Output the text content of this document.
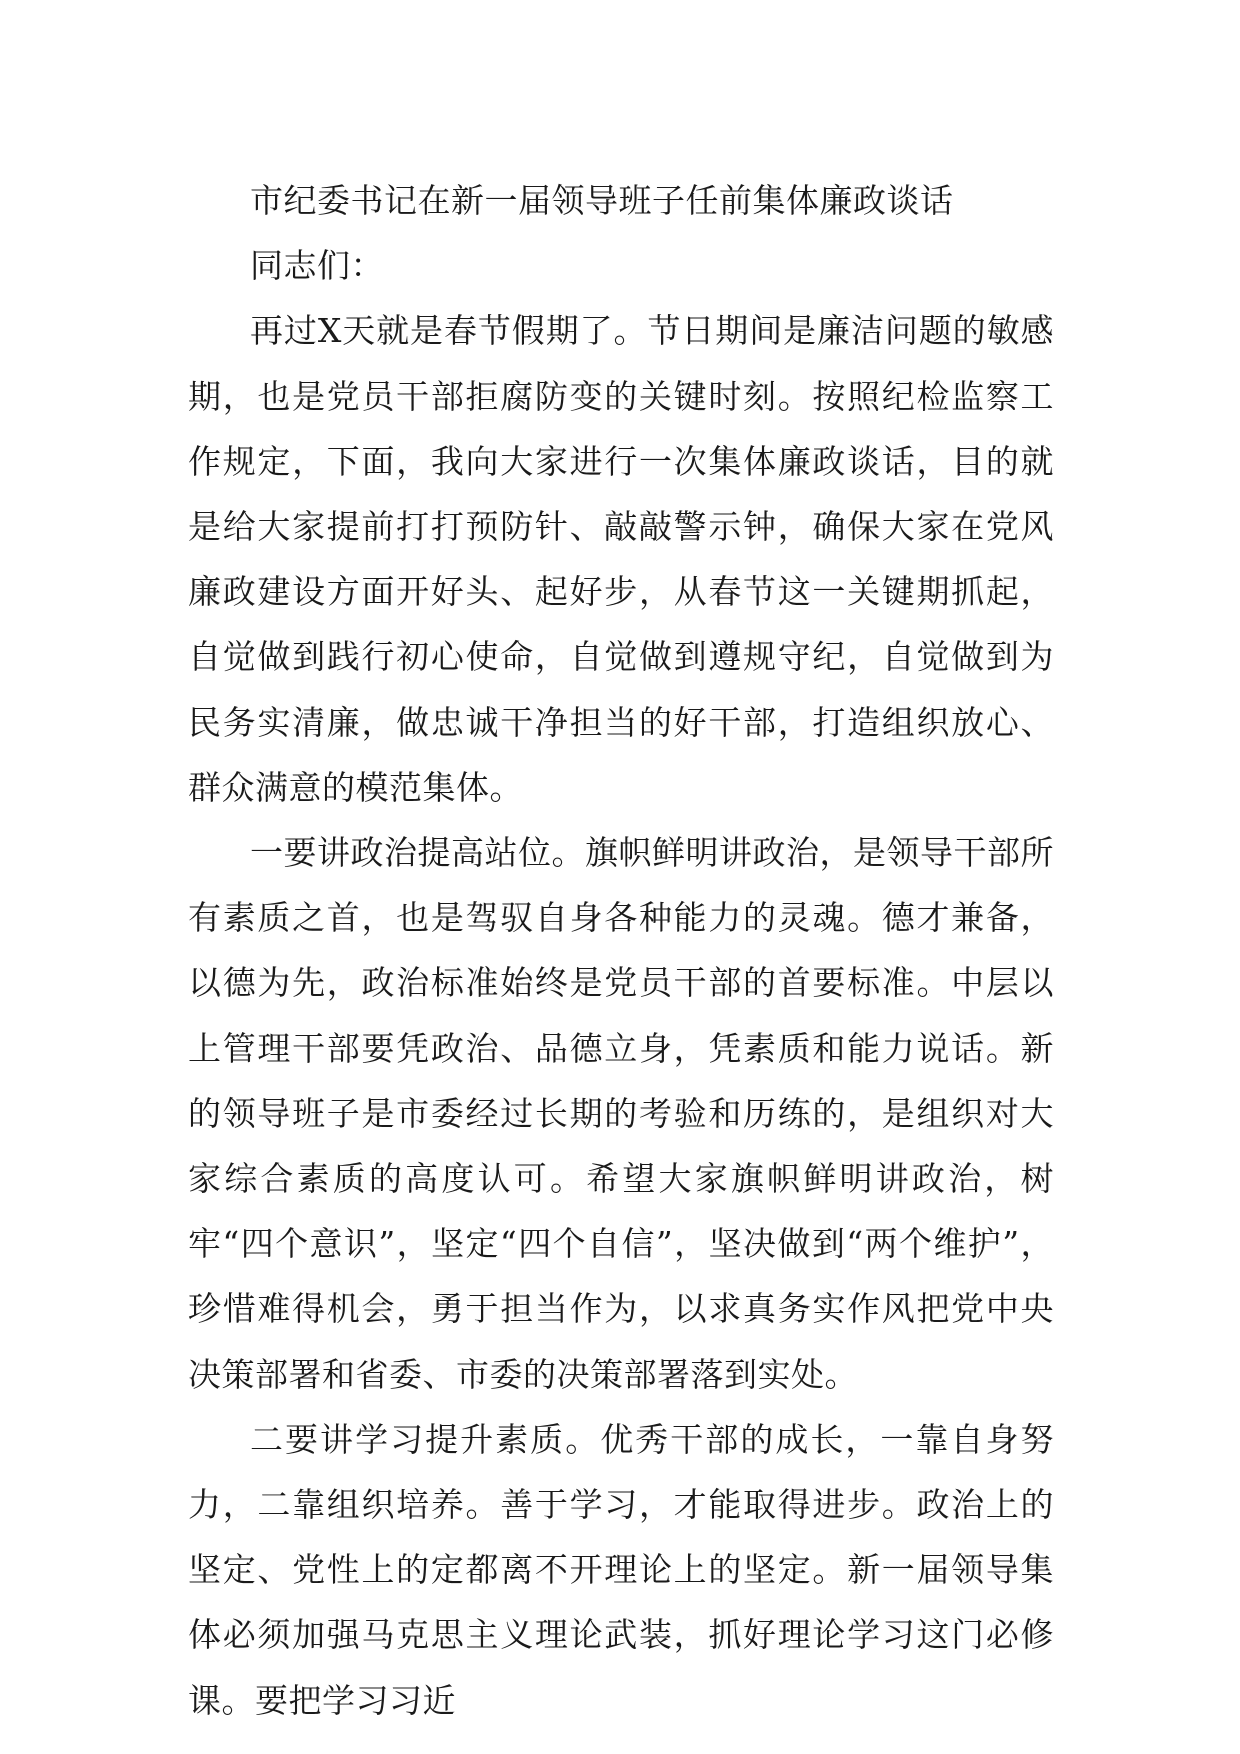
市纪委书记在新一届领导班子任前集体廉政谈话

同志们：

再过X天就是春节假期了。节日期间是廉洁问题的敏感期，也是党员干部拒腐防变的关键时刻。按照纪检监察工作规定，下面，我向大家进行一次集体廉政谈话，目的就是给大家提前打打预防针、敲敲警示钟，确保大家在党风廉政建设方面开好头、起好步，从春节这一关键期抓起，自觉做到践行初心使命，自觉做到遵规守纪，自觉做到为民务实清廉，做忠诚干净担当的好干部，打造组织放心、群众满意的模范集体。

一要讲政治提高站位。旗帜鲜明讲政治，是领导干部所有素质之首，也是驾驭自身各种能力的灵魂。德才兼备，以德为先，政治标准始终是党员干部的首要标准。中层以上管理干部要凭政治、品德立身，凭素质和能力说话。新的领导班子是市委经过长期的考验和历练的，是组织对大家综合素质的高度认可。希望大家旗帜鲜明讲政治，树牢“四个意识”，坚定“四个自信”，坚决做到“两个维护”，珍惜难得机会，勇于担当作为，以求真务实作风把党中央决策部署和省委、市委的决策部署落到实处。

二要讲学习提升素质。优秀干部的成长，一靠自身努力，二靠组织培养。善于学习，才能取得进步。政治上的坚定、党性上的定都离不开理论上的坚定。新一届领导集体必须加强马克思主义理论武装，抓好理论学习这门必修课。要把学习习近
